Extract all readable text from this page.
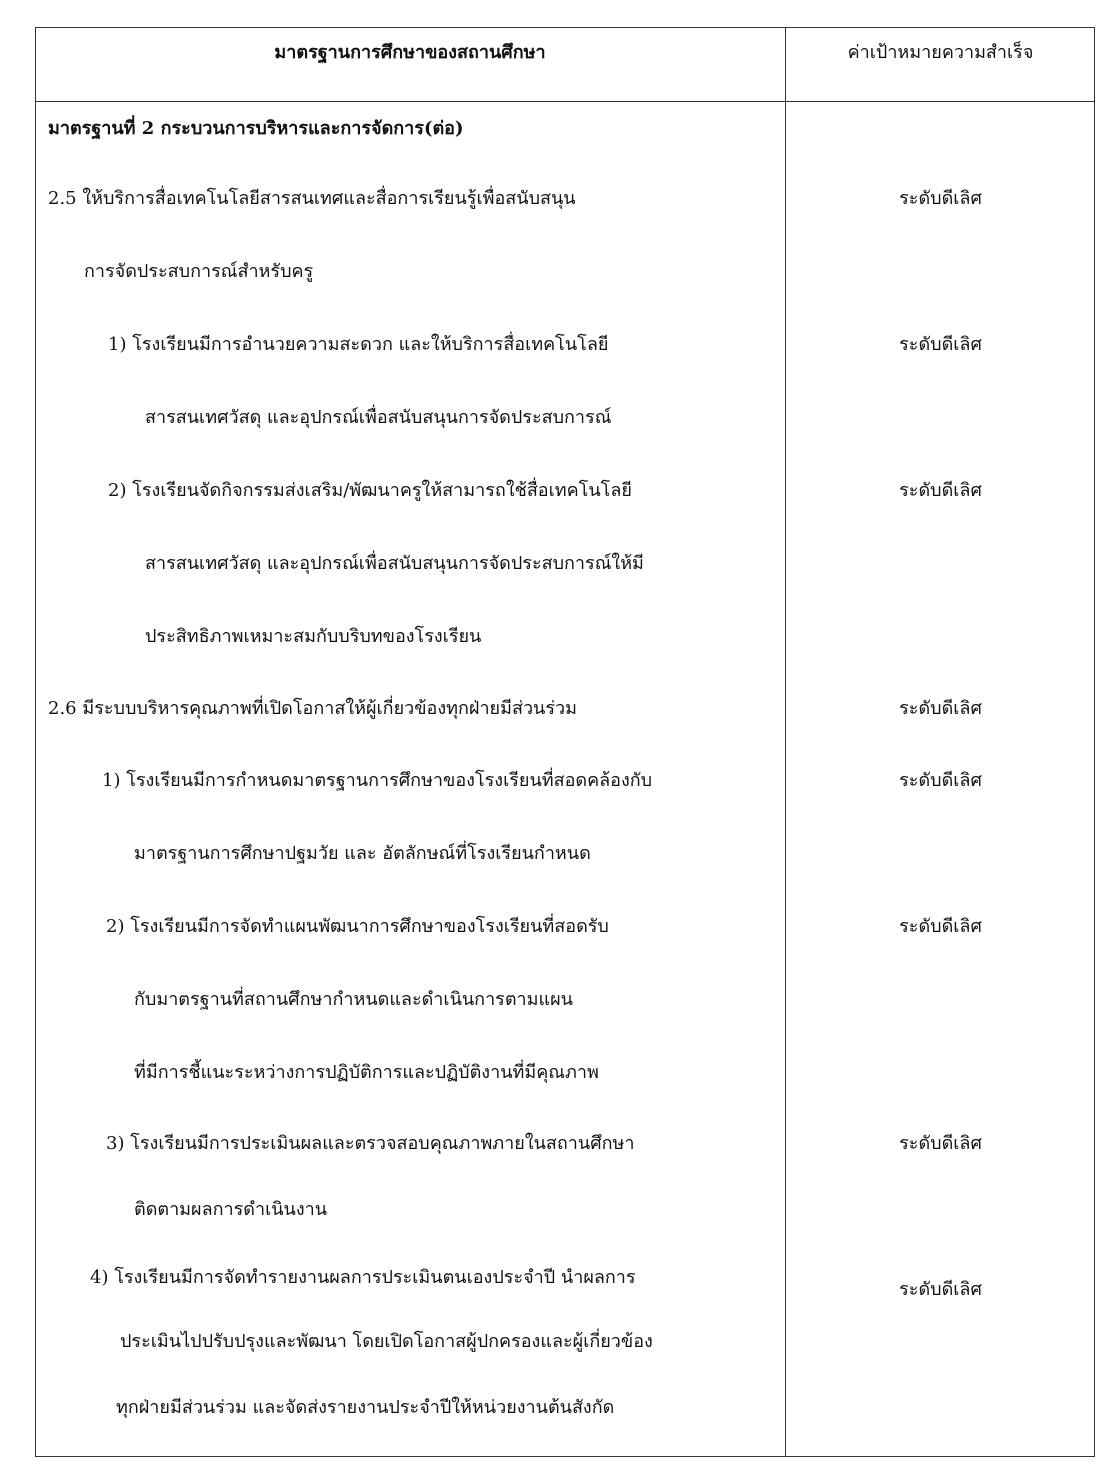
มาตรฐานการศึกษาของสถานศึกษา	ค่าเป้าหมายความสำเร็จ
มาตรฐานที่ 2 กระบวนการบริหารและการจัดการ(ต่อ)
2.5 ให้บริการสื่อเทคโนโลยีสารสนเทศและสื่อการเรียนรู้เพื่อสนับสนุน
การจัดประสบการณ์สำหรับครู
1) โรงเรียนมีการอำนวยความสะดวก และให้บริการสื่อเทคโนโลยี
สารสนเทศวัสดุ และอุปกรณ์เพื่อสนับสนุนการจัดประสบการณ์
2) โรงเรียนจัดกิจกรรมส่งเสริม/พัฒนาครูให้สามารถใช้สื่อเทคโนโลยี
สารสนเทศวัสดุ และอุปกรณ์เพื่อสนับสนุนการจัดประสบการณ์ให้มี
ประสิทธิภาพเหมาะสมกับบริบทของโรงเรียน
2.6 มีระบบบริหารคุณภาพที่เปิดโอกาสให้ผู้เกี่ยวข้องทุกฝ่ายมีส่วนร่วม
1) โรงเรียนมีการกำหนดมาตรฐานการศึกษาของโรงเรียนที่สอดคล้องกับ
มาตรฐานการศึกษาปฐมวัย และ อัตลักษณ์ที่โรงเรียนกำหนด
2) โรงเรียนมีการจัดทำแผนพัฒนาการศึกษาของโรงเรียนที่สอดรับ
กับมาตรฐานที่สถานศึกษากำหนดและดำเนินการตามแผน
ที่มีการชี้แนะระหว่างการปฏิบัติการและปฏิบัติงานที่มีคุณภาพ
3) โรงเรียนมีการประเมินผลและตรวจสอบคุณภาพภายในสถานศึกษา
ติดตามผลการดำเนินงาน
4) โรงเรียนมีการจัดทำรายงานผลการประเมินตนเองประจำปี นำผลการ
ประเมินไปปรับปรุงและพัฒนา โดยเปิดโอกาสผู้ปกครองและผู้เกี่ยวข้อง
ทุกฝ่ายมีส่วนร่วม และจัดส่งรายงานประจำปีให้หน่วยงานต้นสังกัด
ระดับดีเลิศ
ระดับดีเลิศ
ระดับดีเลิศ
ระดับดีเลิศ
ระดับดีเลิศ
ระดับดีเลิศ
ระดับดีเลิศ
ระดับดีเลิศ
